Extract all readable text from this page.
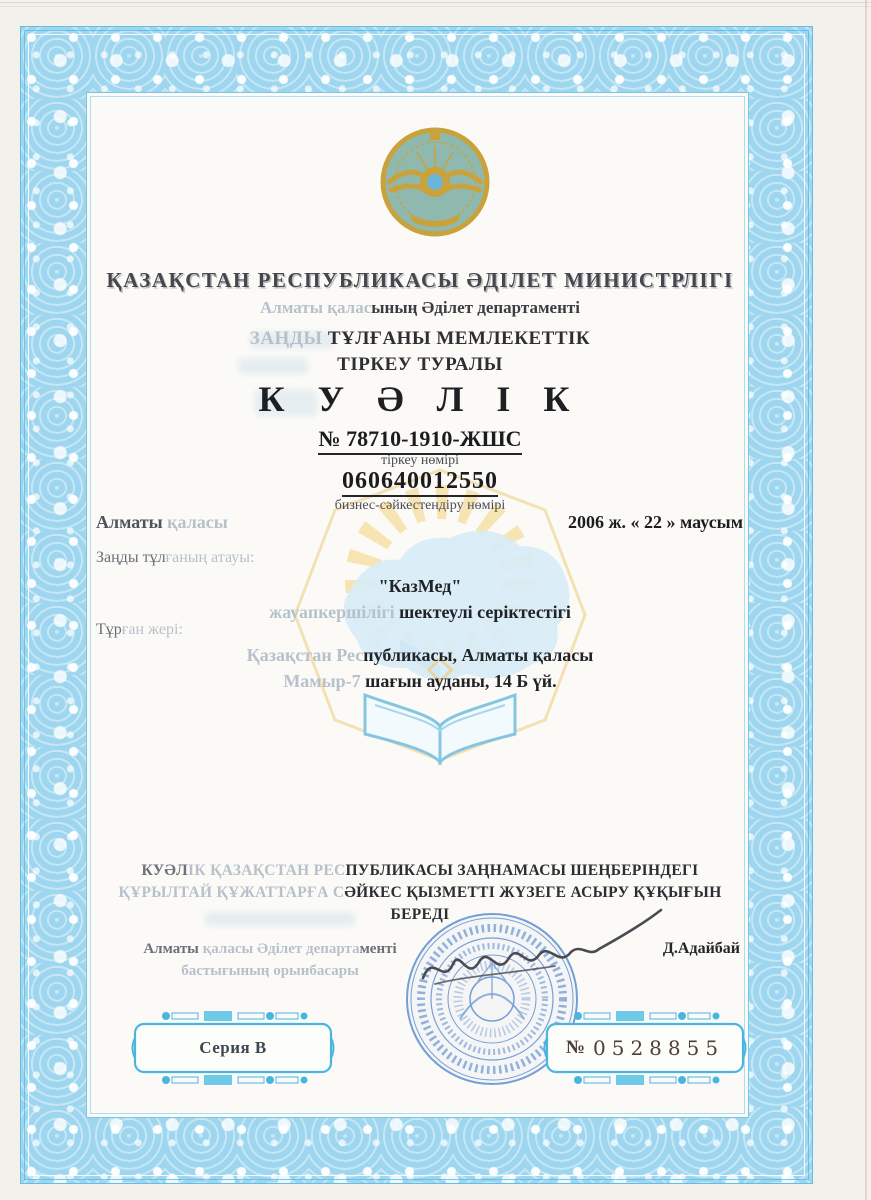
ҚАЗАҚСТАН РЕСПУБЛИКАСЫ ӘДІЛЕТ МИНИСТРЛІГІ
Алматы қаласының Әділет департаменті
ЗАҢДЫ ТҰЛҒАНЫ МЕМЛЕКЕТТІК
ТІРКЕУ ТУРАЛЫ
К У Ә Л І К
№ 78710-1910-ЖШС
тіркеу нөмірі
060640012550
бизнес-сәйкестендіру нөмірі
Алматы қаласы	2006 ж. « 22 » маусым
Заңды тұлғаның атауы:
"КазМед"
жауапкершілігі шектеулі серіктестігі
Тұрған жері:
Қазақстан Республикасы, Алматы қаласы
Мамыр-7 шағын ауданы, 14 Б үй.
КУӘЛІК ҚАЗАҚСТАН РЕСПУБЛИКАСЫ ЗАҢНАМАСЫ ШЕҢБЕРІНДЕГІ
ҚҰРЫЛТАЙ ҚҰЖАТТАРҒА СӘЙКЕС ҚЫЗМЕТТІ ЖҮЗЕГЕ АСЫРУ ҚҰҚЫҒЫН
БЕРЕДІ
Алматы қаласы Әділет департаменті
бастығының орынбасары
Д.Адайбай
Серия В	№ 0528855
